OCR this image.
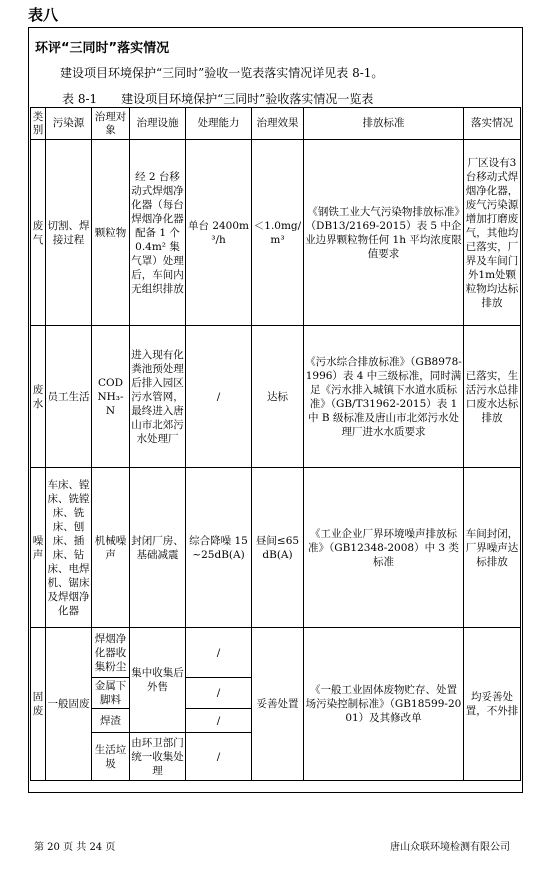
表八
环评“三同时”落实情况
建设项目环境保护“三同时”验收一览表落实情况详见表 8-1。
表 8-1 建设项目环境保护“三同时”验收落实情况一览表
类别	污染源	治理对象	治理设施	处理能力	治理效果	排放标准	落实情况
废气	切割、焊接过程	颗粒物	经 2 台移动式焊烟净化器（每台焊烟净化器配备 1 个 0.4m² 集气罩）处理后，车间内无组织排放	单台 2400m³/h	＜1.0mg/m³	《钢铁工业大气污染物排放标准》（DB13/2169-2015）表 5 中企业边界颗粒物任何 1h 平均浓度限值要求	厂区设有3台移动式焊烟净化器，废气污染源增加打磨废气，其他均已落实，厂界及车间门外1m处颗粒物均达标排放
废水	员工生活	COD NH₃-N	进入现有化粪池预处理后排入园区污水管网，最终进入唐山市北郊污水处理厂	/	达标	《污水综合排放标准》（GB8978-1996）表 4 中三级标准，同时满足《污水排入城镇下水道水质标准》（GB/T31962-2015）表 1 中 B 级标准及唐山市北郊污水处理厂进水水质要求	已落实，生活污水总排口废水达标排放
噪声	车床、镗床、铣镗床、铣床、刨床、插床、钻床、电焊机、锯床及焊烟净化器	机械噪声	封闭厂房、基础减震	综合降噪 15~25dB(A)	昼间≤65 dB(A)	《工业企业厂界环境噪声排放标准》（GB12348-2008）中 3 类标准	车间封闭，厂界噪声达标排放
固废	一般固废	焊烟净化器收集粉尘	集中收集后外售	/	妥善处置	《一般工业固体废物贮存、处置场污染控制标准》（GB18599-2001）及其修改单	均妥善处置，不外排
		金属下脚料		/			
		焊渣		/			
		生活垃圾	由环卫部门统一收集处理	/			
第 20 页 共 24 页	唐山众联环境检测有限公司
